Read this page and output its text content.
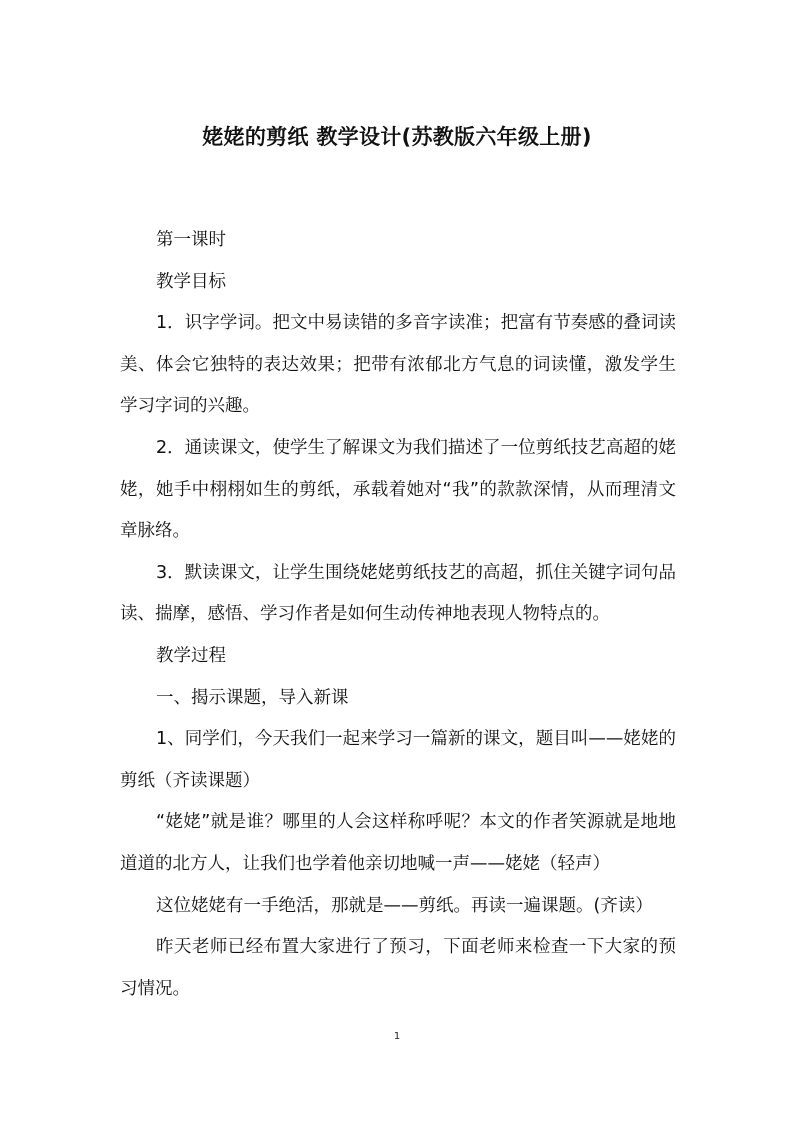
姥姥的剪纸 教学设计(苏教版六年级上册)

第一课时

教学目标

1．识字学词。把文中易读错的多音字读准；把富有节奏感的叠词读美、体会它独特的表达效果；把带有浓郁北方气息的词读懂，激发学生学习字词的兴趣。

2．通读课文，使学生了解课文为我们描述了一位剪纸技艺高超的姥姥，她手中栩栩如生的剪纸，承载着她对“我”的款款深情，从而理清文章脉络。

3．默读课文，让学生围绕姥姥剪纸技艺的高超，抓住关键字词句品读、揣摩，感悟、学习作者是如何生动传神地表现人物特点的。

教学过程

一、揭示课题，导入新课

1、同学们，今天我们一起来学习一篇新的课文，题目叫——姥姥的剪纸（齐读课题）

“姥姥”就是谁？哪里的人会这样称呼呢？本文的作者笑源就是地地道道的北方人，让我们也学着他亲切地喊一声——姥姥（轻声）

这位姥姥有一手绝活，那就是——剪纸。再读一遍课题。(齐读）

昨天老师已经布置大家进行了预习，下面老师来检查一下大家的预习情况。

1
